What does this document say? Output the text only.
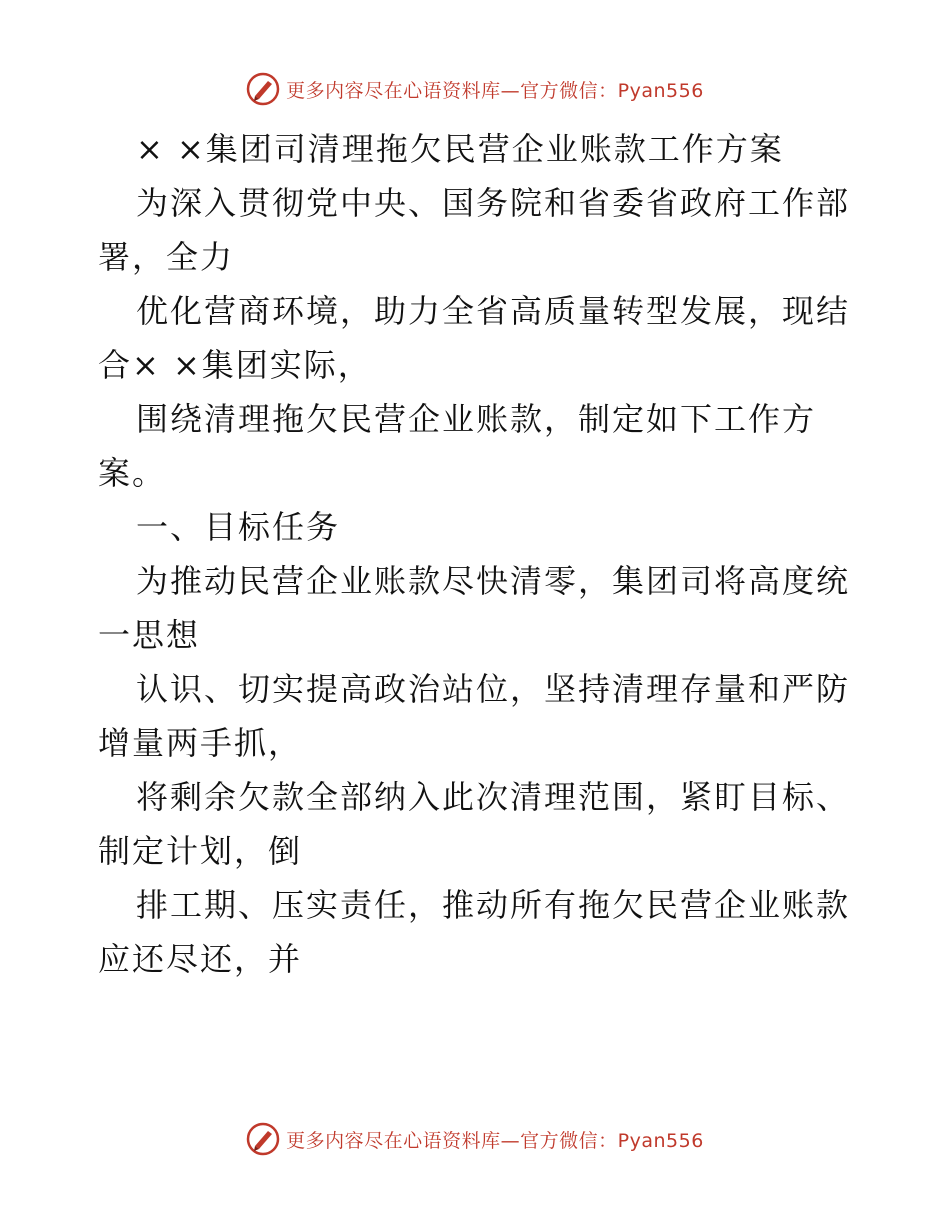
更多内容尽在心语资料库—官方微信：Pyan556
× ×集团司清理拖欠民营企业账款工作方案
为深入贯彻党中央、国务院和省委省政府工作部
署，全力
优化营商环境，助力全省高质量转型发展，现结
合× ×集团实际，
围绕清理拖欠民营企业账款，制定如下工作方
案。
一、目标任务
为推动民营企业账款尽快清零，集团司将高度统
一思想
认识、切实提高政治站位，坚持清理存量和严防
增量两手抓，
将剩余欠款全部纳入此次清理范围，紧盯目标、
制定计划，倒
排工期、压实责任，推动所有拖欠民营企业账款
应还尽还，并
更多内容尽在心语资料库—官方微信：Pyan556
